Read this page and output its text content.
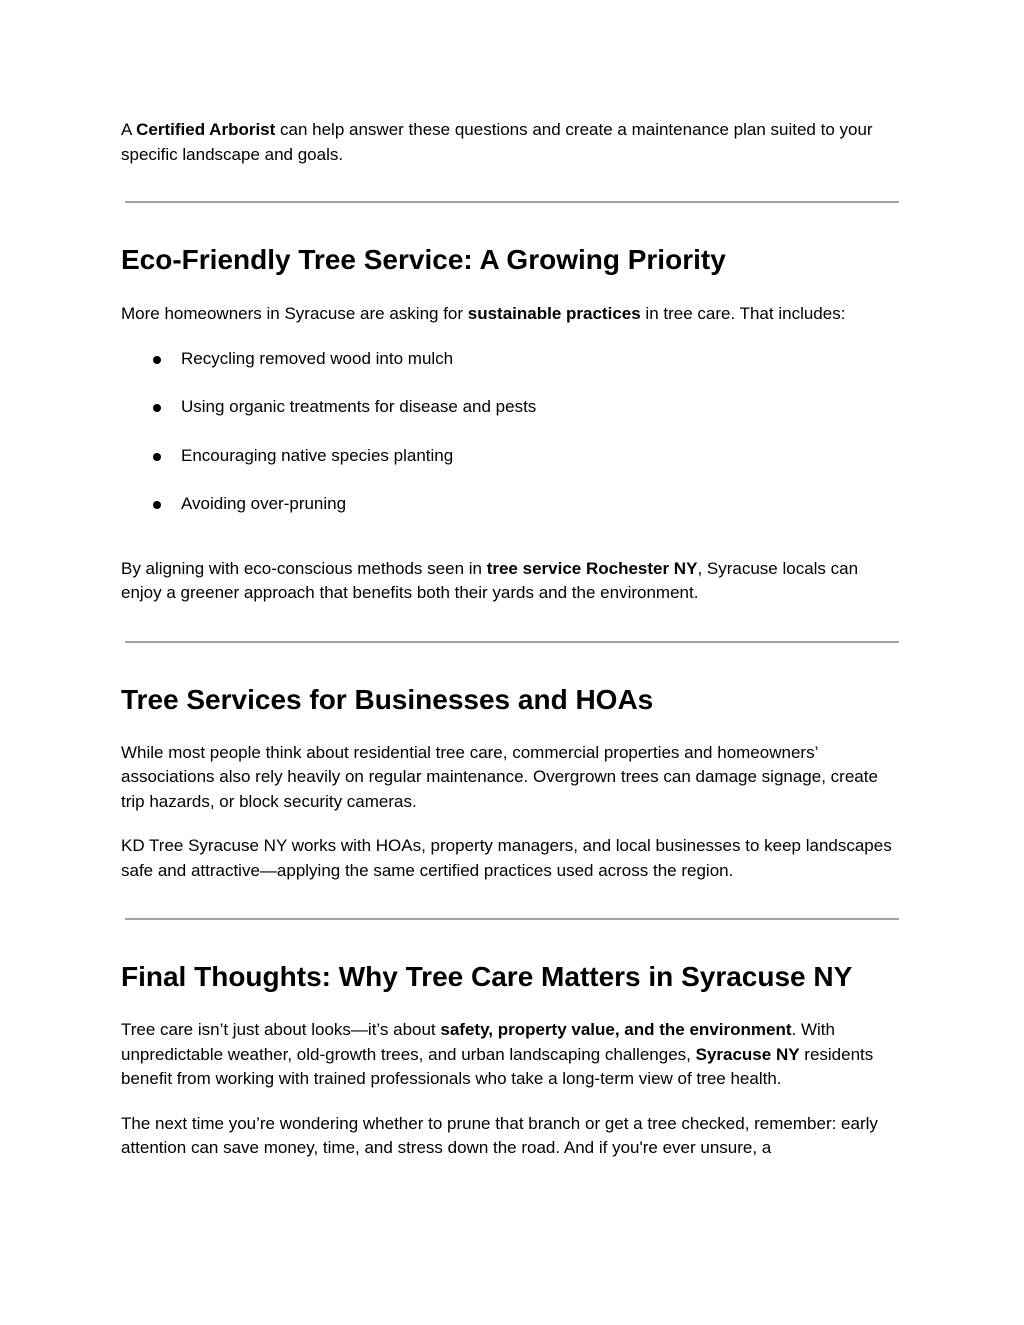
A Certified Arborist can help answer these questions and create a maintenance plan suited to your specific landscape and goals.

Eco-Friendly Tree Service: A Growing Priority

More homeowners in Syracuse are asking for sustainable practices in tree care. That includes:

Recycling removed wood into mulch
Using organic treatments for disease and pests
Encouraging native species planting
Avoiding over-pruning

By aligning with eco-conscious methods seen in tree service Rochester NY, Syracuse locals can enjoy a greener approach that benefits both their yards and the environment.

Tree Services for Businesses and HOAs

While most people think about residential tree care, commercial properties and homeowners’ associations also rely heavily on regular maintenance. Overgrown trees can damage signage, create trip hazards, or block security cameras.

KD Tree Syracuse NY works with HOAs, property managers, and local businesses to keep landscapes safe and attractive—applying the same certified practices used across the region.

Final Thoughts: Why Tree Care Matters in Syracuse NY

Tree care isn’t just about looks—it’s about safety, property value, and the environment. With unpredictable weather, old-growth trees, and urban landscaping challenges, Syracuse NY residents benefit from working with trained professionals who take a long-term view of tree health.

The next time you’re wondering whether to prune that branch or get a tree checked, remember: early attention can save money, time, and stress down the road. And if you're ever unsure, a
